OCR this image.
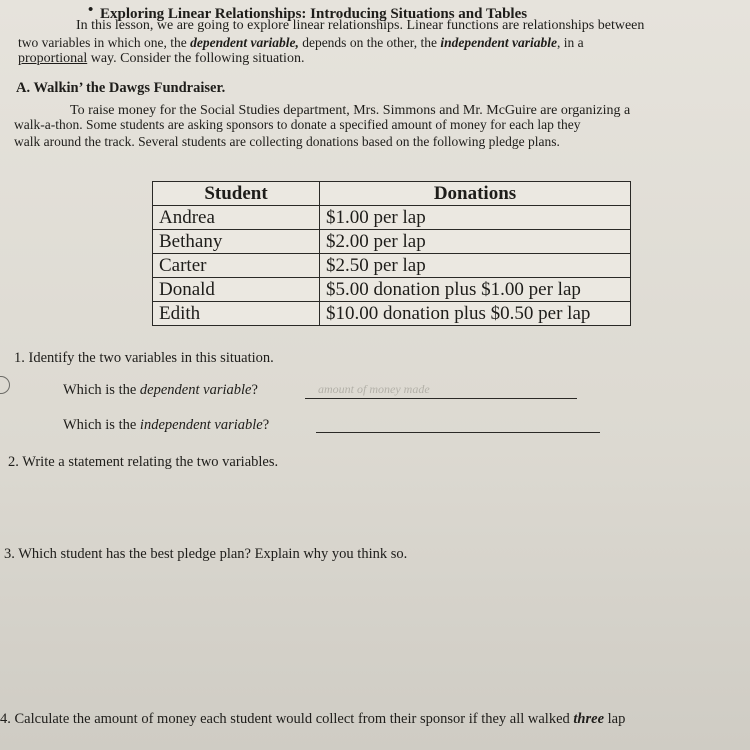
• Exploring Linear Relationships: Introducing Situations and Tables
In this lesson, we are going to explore linear relationships. Linear functions are relationships between
two variables in which one, the dependent variable, depends on the other, the independent variable, in a
proportional way. Consider the following situation.
A. Walkin’ the Dawgs Fundraiser.
To raise money for the Social Studies department, Mrs. Simmons and Mr. McGuire are organizing a
walk-a-thon. Some students are asking sponsors to donate a specified amount of money for each lap they
walk around the track. Several students are collecting donations based on the following pledge plans.
Student	Donations
Andrea	$1.00 per lap
Bethany	$2.00 per lap
Carter	$2.50 per lap
Donald	$5.00 donation plus $1.00 per lap
Edith	$10.00 donation plus $0.50 per lap
1. Identify the two variables in this situation.
Which is the dependent variable?	amount of money made
Which is the independent variable?
2. Write a statement relating the two variables.
3. Which student has the best pledge plan? Explain why you think so.
4. Calculate the amount of money each student would collect from their sponsor if they all walked three lap
